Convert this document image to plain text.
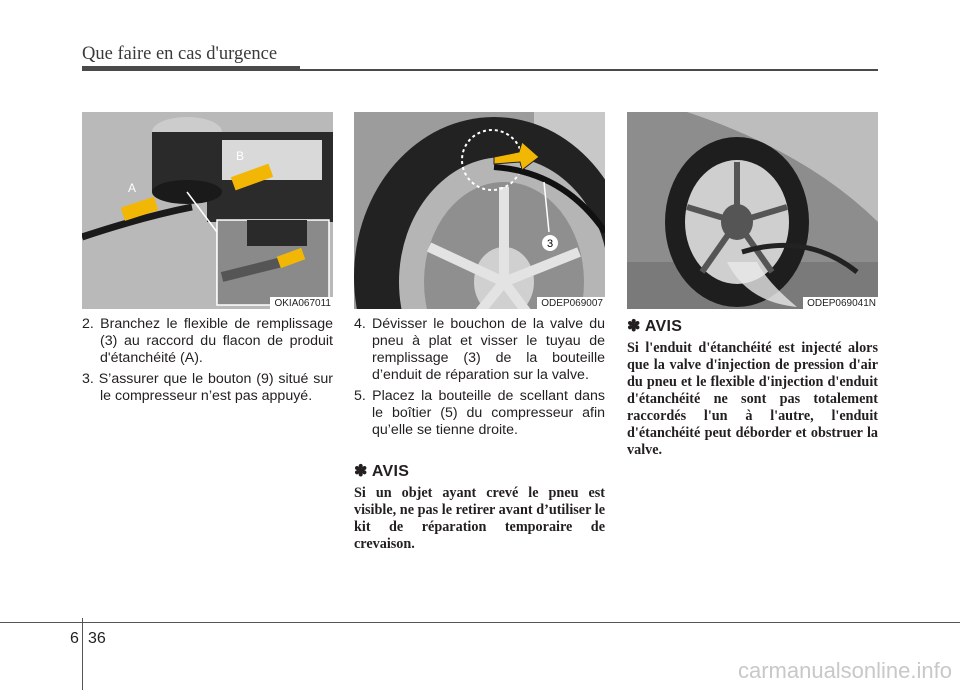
Que faire en cas d'urgence
A
B
OKIA067011
3
ODEP069007	ODEP069041N
2. Branchez le flexible de remplissage (3) au raccord du flacon de produit d'étanchéité (A).
3. S’assurer que le bouton (9) situé sur le compresseur n’est pas appuyé.
4. Dévisser le bouchon de la valve du pneu à plat et visser le tuyau de remplissage (3) de la bouteille d’enduit de réparation sur la valve.
5. Placez la bouteille de scellant dans le boîtier (5) du compresseur afin qu’elle se tienne droite.
✽ AVIS

Si un objet ayant crevé le pneu est visible, ne pas le retirer avant d’utiliser le kit de réparation temporaire de crevaison.

✽ AVIS

Si l'enduit d'étanchéité est injecté alors que la valve d'injection de pression d'air du pneu et le flexible d'injection d'enduit d'étanchéité ne sont pas totalement raccordés l'un à l'autre, l'enduit d'étanchéité peut déborder et obstruer la valve.

6 36
carmanualsonline.info
